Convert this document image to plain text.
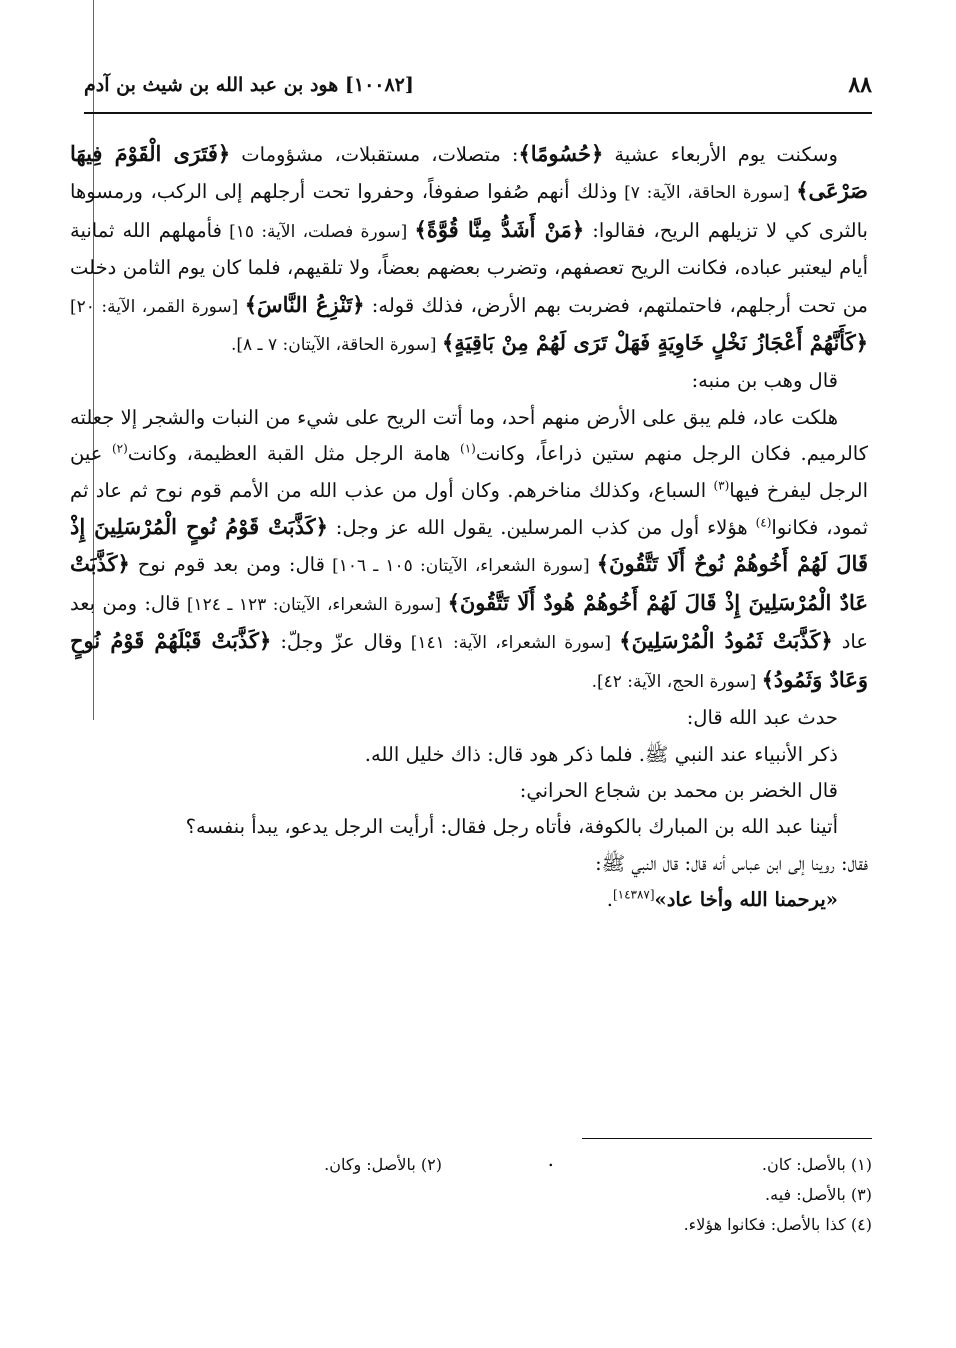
٨٨
[١٠٠٨٢] هود بن عبد الله بن شيث بن آدم

وسكنت يوم الأربعاء عشية ﴿حُسُومًا﴾: متصلات، مستقبلات، مشؤومات ﴿فَتَرَى الْقَوْمَ فِيهَا صَرْعَى﴾ [سورة الحاقة، الآية: ٧] وذلك أنهم صُفوا صفوفاً، وحفروا تحت أرجلهم إلى الركب، ورمسوها بالثرى كي لا تزيلهم الريح، فقالوا: ﴿مَنْ أَشَدُّ مِنَّا قُوَّةً﴾ [سورة فصلت، الآية: ١٥] فأمهلهم الله ثمانية أيام ليعتبر عباده، فكانت الريح تعصفهم، وتضرب بعضهم بعضاً، ولا تلقيهم، فلما كان يوم الثامن دخلت من تحت أرجلهم، فاحتملتهم، فضربت بهم الأرض، فذلك قوله: ﴿تَنْزِعُ النَّاسَ﴾ [سورة القمر، الآية: ٢٠] ﴿كَأَنَّهُمْ أَعْجَازُ نَخْلٍ خَاوِيَةٍ فَهَلْ تَرَى لَهُمْ مِنْ بَاقِيَةٍ﴾ [سورة الحاقة، الآيتان: ٧ ـ ٨].

قال وهب بن منبه:

هلكت عاد، فلم يبق على الأرض منهم أحد، وما أتت الريح على شيء من النبات والشجر إلا جعلته كالرميم. فكان الرجل منهم ستين ذراعاً، وكانت$^{(١)}$ هامة الرجل مثل القبة العظيمة، وكانت$^{(٢)}$ عين الرجل ليفرخ فيها$^{(٣)}$ السباع، وكذلك مناخرهم. وكان أول من عذب الله من الأمم قوم نوح ثم عاد ثم ثمود، فكانوا$^{(٤)}$ هؤلاء أول من كذب المرسلين. يقول الله عز وجل: ﴿كَذَّبَتْ قَوْمُ نُوحٍ الْمُرْسَلِينَ إِذْ قَالَ لَهُمْ أَخُوهُمْ نُوحٌ أَلَا تَتَّقُونَ﴾ [سورة الشعراء، الآيتان: ١٠٥ ـ ١٠٦] قال: ومن بعد قوم نوح ﴿كَذَّبَتْ عَادٌ الْمُرْسَلِينَ إِذْ قَالَ لَهُمْ أَخُوهُمْ هُودٌ أَلَا تَتَّقُونَ﴾ [سورة الشعراء، الآيتان: ١٢٣ ـ ١٢٤] قال: ومن بعد عاد ﴿كَذَّبَتْ ثَمُودُ الْمُرْسَلِينَ﴾ [سورة الشعراء، الآية: ١٤١] وقال عزّ وجلّ: ﴿كَذَّبَتْ قَبْلَهُمْ قَوْمُ نُوحٍ وَعَادٌ وَثَمُودُ﴾ [سورة الحج، الآية: ٤٢].

حدث عبد الله قال:

ذكر الأنبياء عند النبي ﷺ. فلما ذكر هود قال: ذاك خليل الله.

قال الخضر بن محمد بن شجاع الحراني:

أتينا عبد الله بن المبارك بالكوفة، فأتاه رجل فقال: أرأيت الرجل يدعو، يبدأ بنفسه؟

فقال: روينا إلى ابن عباس أنه قال: قال النبي ﷺ:

«يرحمنا الله وأخا عاد»[١٤٣٨٧].

(١) بالأصل: كان.
.
(٢) بالأصل: وكان.
(٣) بالأصل: فيه.
(٤) كذا بالأصل: فكانوا هؤلاء.
